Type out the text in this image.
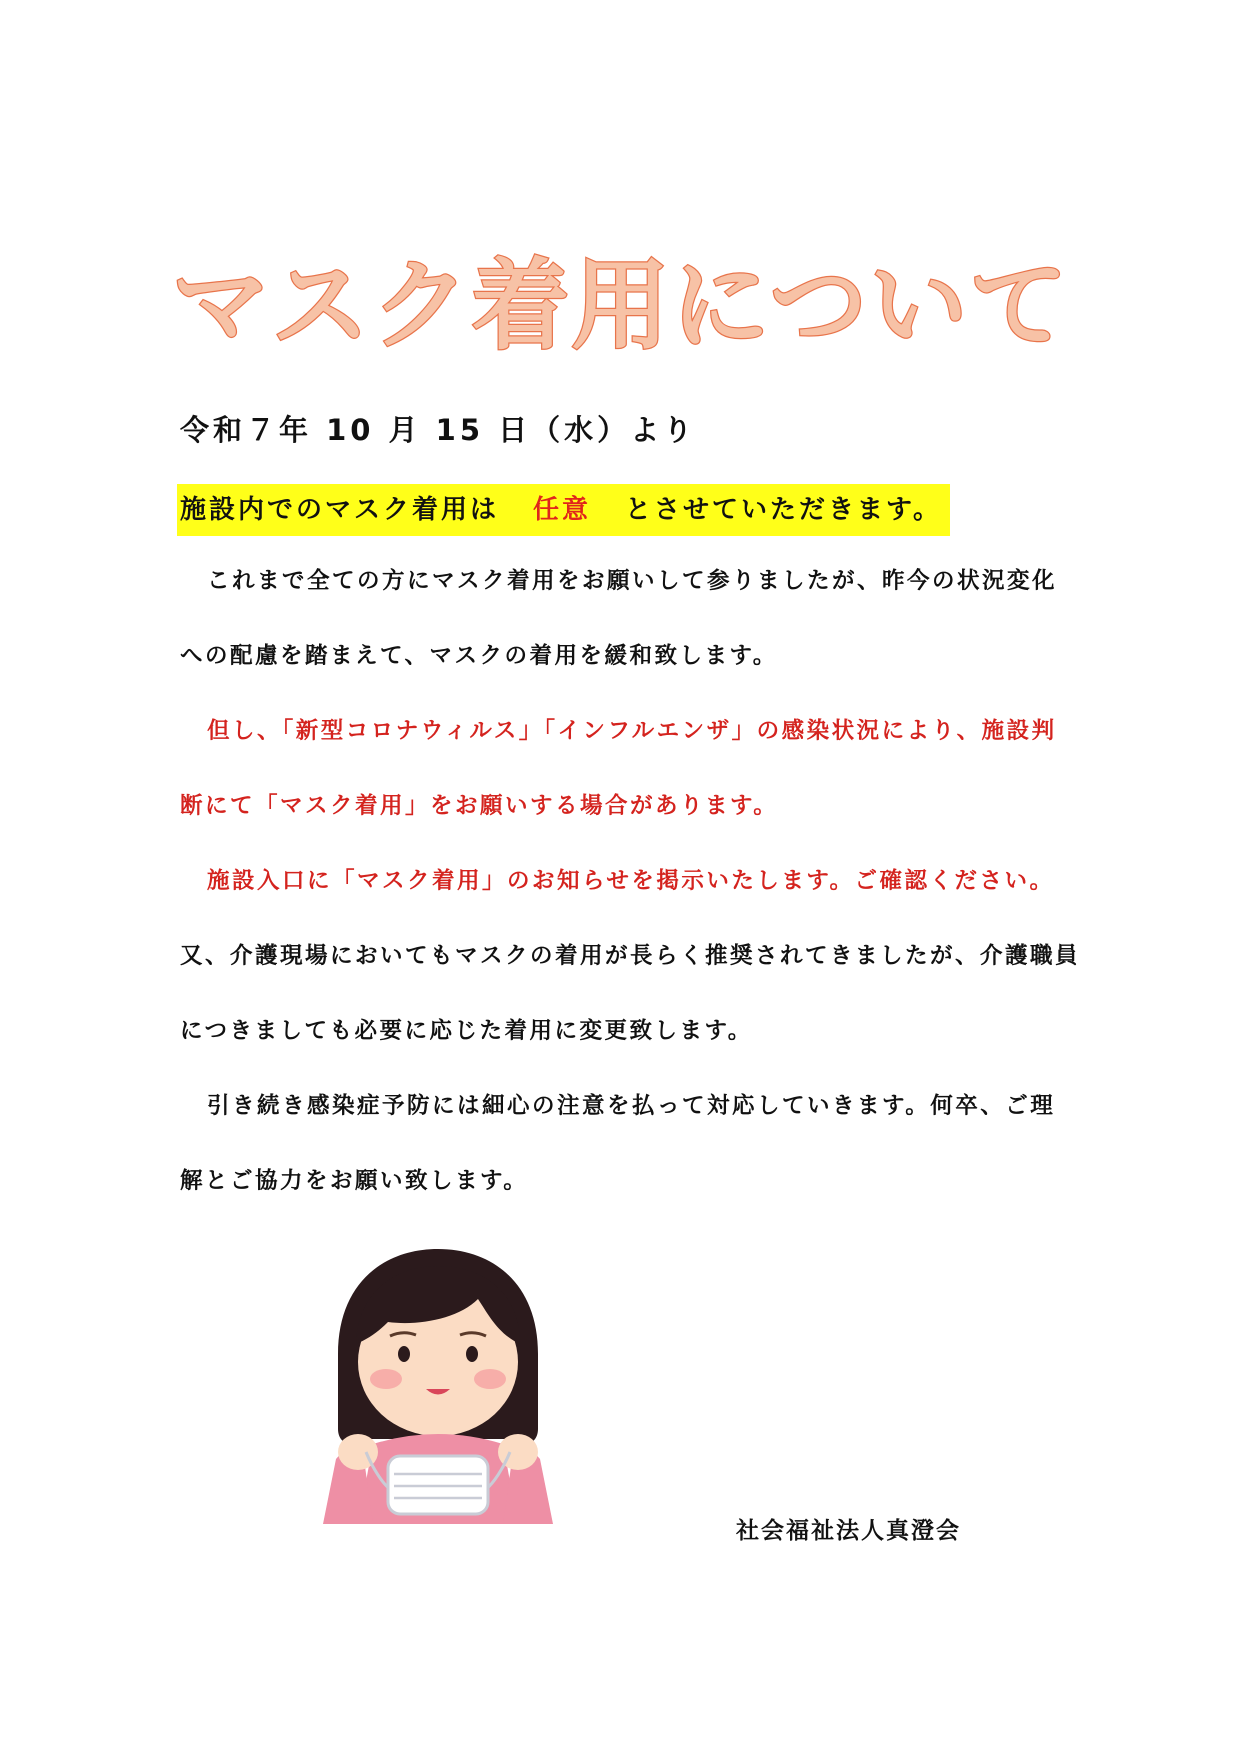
マスク着用について
令和７年 10 月 15 日（水）より
施設内でのマスク着用は 任意 とさせていただきます。

これまで全ての方にマスク着用をお願いして参りましたが、昨今の状況変化への配慮を踏まえて、マスクの着用を緩和致します。

但し、「新型コロナウィルス」「インフルエンザ」の感染状況により、施設判断にて「マスク着用」をお願いする場合があります。

施設入口に「マスク着用」のお知らせを掲示いたします。ご確認ください。

又、介護現場においてもマスクの着用が長らく推奨されてきましたが、介護職員につきましても必要に応じた着用に変更致します。

引き続き感染症予防には細心の注意を払って対応していきます。何卒、ご理解とご協力をお願い致します。

社会福祉法人真澄会
